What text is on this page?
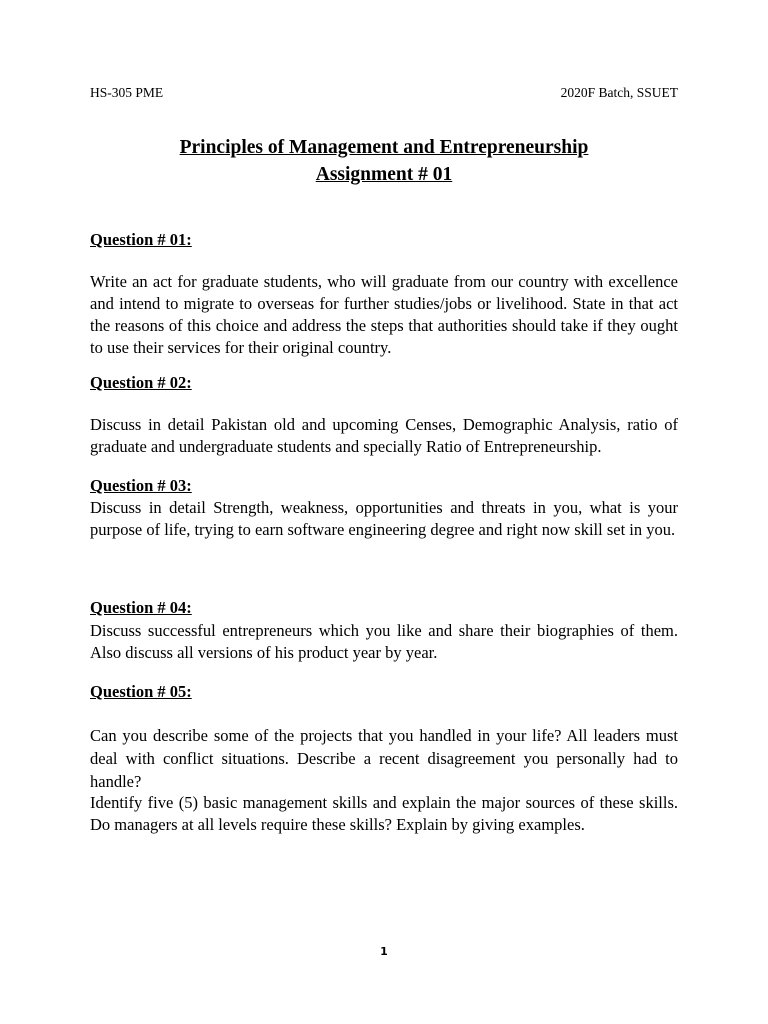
HS-305 PME	2020F Batch, SSUET
Principles of Management and Entrepreneurship
Assignment # 01
Question # 01:

Write an act for graduate students, who will graduate from our country with excellence and intend to migrate to overseas for further studies/jobs or livelihood. State in that act the reasons of this choice and address the steps that authorities should take if they ought to use their services for their original country.

Question # 02:

Discuss in detail Pakistan old and upcoming Censes, Demographic Analysis, ratio of graduate and undergraduate students and specially Ratio of Entrepreneurship.

Question # 03:

Discuss in detail Strength, weakness, opportunities and threats in you, what is your purpose of life, trying to earn software engineering degree and right now skill set in you.

Question # 04:

Discuss successful entrepreneurs which you like and share their biographies of them. Also discuss all versions of his product year by year.

Question # 05:

Can you describe some of the projects that you handled in your life? All leaders must deal with conflict situations. Describe a recent disagreement you personally had to handle?

Identify five (5) basic management skills and explain the major sources of these skills. Do managers at all levels require these skills? Explain by giving examples.

1
